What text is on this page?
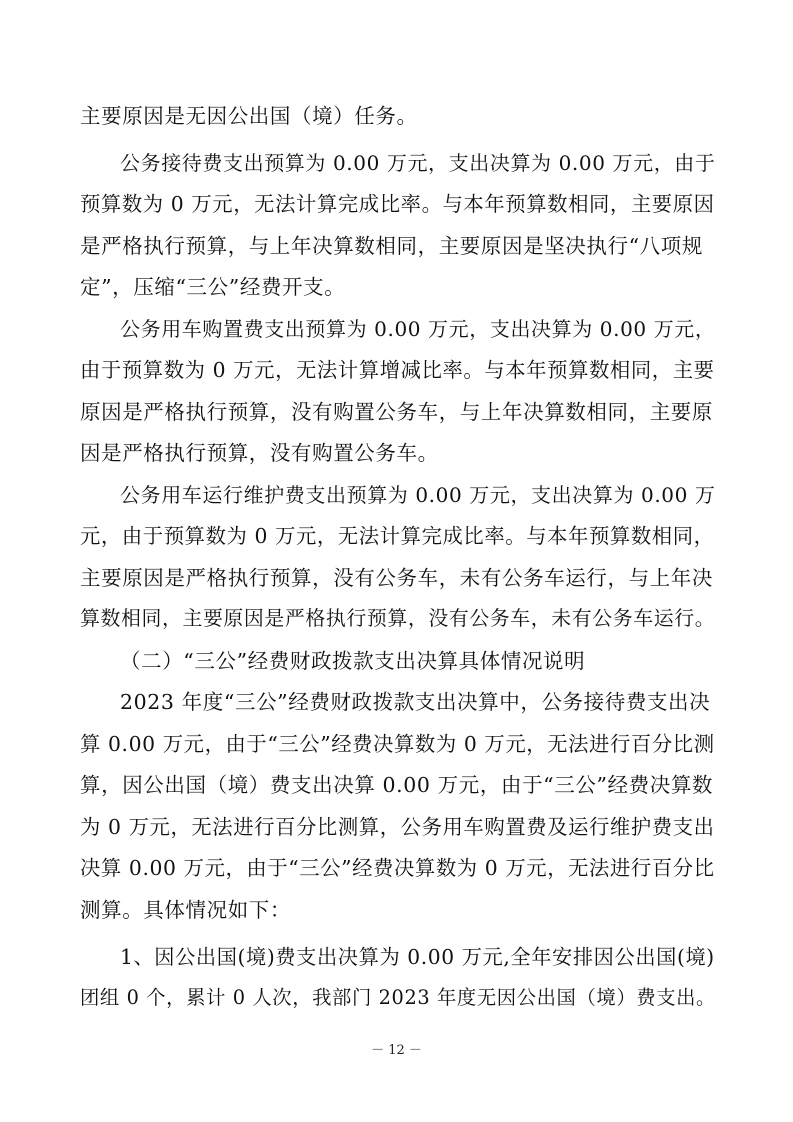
主要原因是无因公出国（境）任务。
公务接待费支出预算为 0.00 万元，支出决算为 0.00 万元，由于
预算数为 0 万元，无法计算完成比率。与本年预算数相同，主要原因
是严格执行预算，与上年决算数相同，主要原因是坚决执行“八项规
定”，压缩“三公”经费开支。
公务用车购置费支出预算为 0.00 万元，支出决算为 0.00 万元，
由于预算数为 0 万元，无法计算增减比率。与本年预算数相同，主要
原因是严格执行预算，没有购置公务车，与上年决算数相同，主要原
因是严格执行预算，没有购置公务车。
公务用车运行维护费支出预算为 0.00 万元，支出决算为 0.00 万
元，由于预算数为 0 万元，无法计算完成比率。与本年预算数相同，
主要原因是严格执行预算，没有公务车，未有公务车运行，与上年决
算数相同，主要原因是严格执行预算，没有公务车，未有公务车运行。
（二）“三公”经费财政拨款支出决算具体情况说明
2023 年度“三公”经费财政拨款支出决算中，公务接待费支出决
算 0.00 万元，由于“三公”经费决算数为 0 万元，无法进行百分比测
算，因公出国（境）费支出决算 0.00 万元，由于“三公”经费决算数
为 0 万元，无法进行百分比测算，公务用车购置费及运行维护费支出
决算 0.00 万元，由于“三公”经费决算数为 0 万元，无法进行百分比
测算。具体情况如下：
1、因公出国(境)费支出决算为 0.00 万元,全年安排因公出国(境)
团组 0 个，累计 0 人次，我部门 2023 年度无因公出国（境）费支出。
－ 12 －
